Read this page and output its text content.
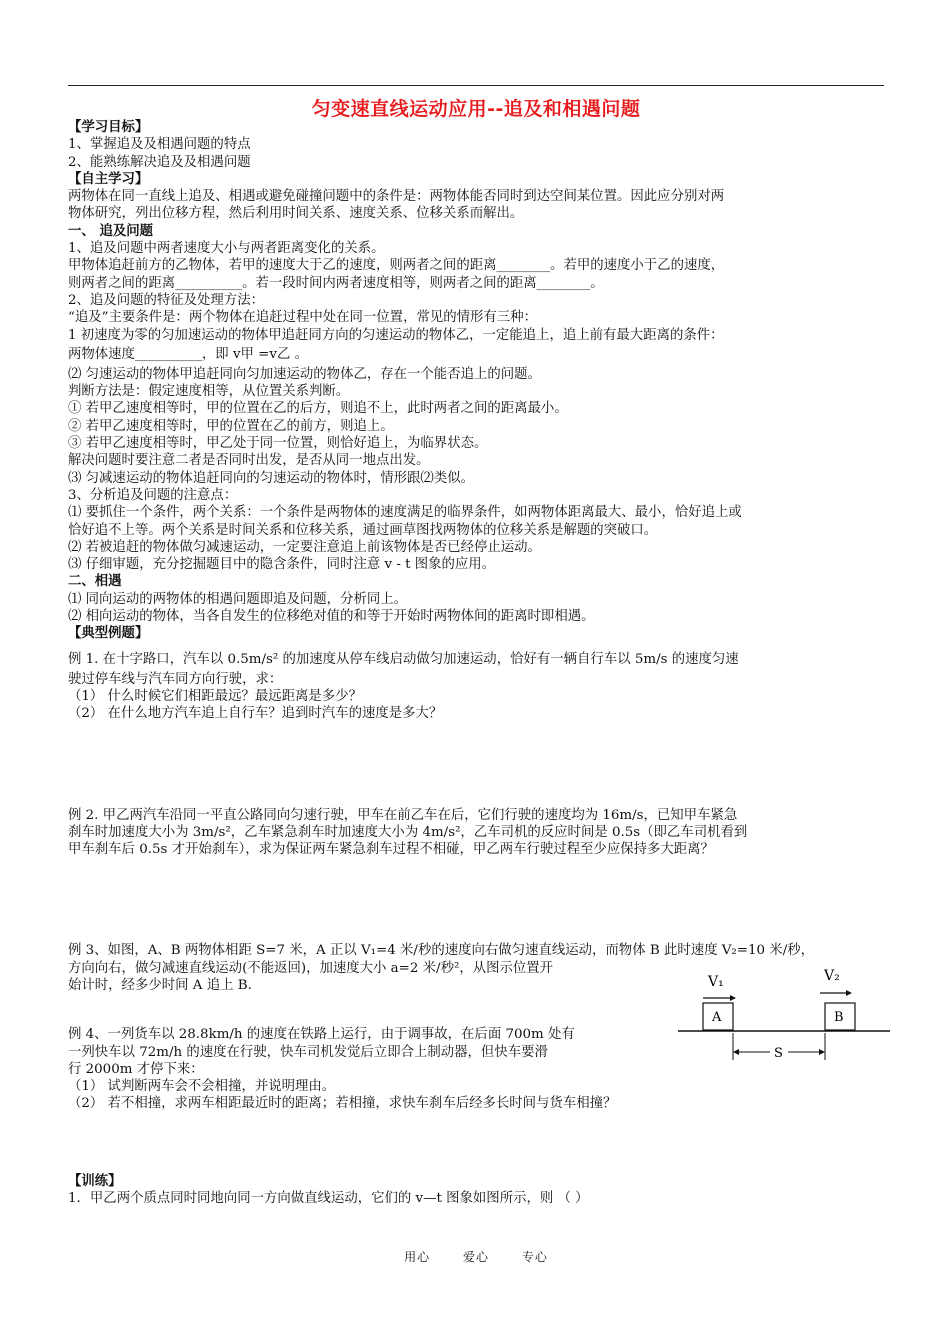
匀变速直线运动应用--追及和相遇问题
【学习目标】
1、掌握追及及相遇问题的特点
2、能熟练解决追及及相遇问题
【自主学习】
两物体在同一直线上追及、相遇或避免碰撞问题中的条件是：两物体能否同时到达空间某位置。因此应分别对两
物体研究，列出位移方程，然后利用时间关系、速度关系、位移关系而解出。
一、 追及问题
1、追及问题中两者速度大小与两者距离变化的关系。
甲物体追赶前方的乙物体，若甲的速度大于乙的速度，则两者之间的距离________。若甲的速度小于乙的速度，
则两者之间的距离__________。若一段时间内两者速度相等，则两者之间的距离________。
2、追及问题的特征及处理方法：
“追及”主要条件是：两个物体在追赶过程中处在同一位置，常见的情形有三种：
1 初速度为零的匀加速运动的物体甲追赶同方向的匀速运动的物体乙，一定能追上，追上前有最大距离的条件：
两物体速度__________，即 v甲 =v乙 。
⑵ 匀速运动的物体甲追赶同向匀加速运动的物体乙，存在一个能否追上的问题。
判断方法是：假定速度相等，从位置关系判断。
① 若甲乙速度相等时，甲的位置在乙的后方，则追不上，此时两者之间的距离最小。
② 若甲乙速度相等时，甲的位置在乙的前方，则追上。
③ 若甲乙速度相等时，甲乙处于同一位置，则恰好追上，为临界状态。
解决问题时要注意二者是否同时出发，是否从同一地点出发。
⑶ 匀减速运动的物体追赶同向的匀速运动的物体时，情形跟⑵类似。
3、分析追及问题的注意点：
⑴ 要抓住一个条件，两个关系：一个条件是两物体的速度满足的临界条件，如两物体距离最大、最小，恰好追上或
恰好追不上等。两个关系是时间关系和位移关系，通过画草图找两物体的位移关系是解题的突破口。
⑵ 若被追赶的物体做匀减速运动，一定要注意追上前该物体是否已经停止运动。
⑶ 仔细审题，充分挖掘题目中的隐含条件，同时注意 v - t 图象的应用。
二、相遇
⑴ 同向运动的两物体的相遇问题即追及问题，分析同上。
⑵ 相向运动的物体，当各自发生的位移绝对值的和等于开始时两物体间的距离时即相遇。
【典型例题】
例 1. 在十字路口，汽车以 0.5m/s² 的加速度从停车线启动做匀加速运动，恰好有一辆自行车以 5m/s 的速度匀速
驶过停车线与汽车同方向行驶，求：
（1） 什么时候它们相距最远？最远距离是多少？
（2） 在什么地方汽车追上自行车？追到时汽车的速度是多大？
例 2. 甲乙两汽车沿同一平直公路同向匀速行驶，甲车在前乙车在后，它们行驶的速度均为 16m/s，已知甲车紧急
刹车时加速度大小为 3m/s²，乙车紧急刹车时加速度大小为 4m/s²，乙车司机的反应时间是 0.5s（即乙车司机看到
甲车刹车后 0.5s 才开始刹车），求为保证两车紧急刹车过程不相碰，甲乙两车行驶过程至少应保持多大距离？
例 3、如图，A、B 两物体相距 S=7 米，A 正以 V₁=4 米/秒的速度向右做匀速直线运动，而物体 B 此时速度 V₂=10 米/秒，
方向向右，做匀减速直线运动(不能返回)，加速度大小 a=2 米/秒²，从图示位置开
始计时，经多少时间 A 追上 B.
例 4、一列货车以 28.8km/h 的速度在铁路上运行，由于调事故，在后面 700m 处有
一列快车以 72m/h 的速度在行驶，快车司机发觉后立即合上制动器，但快车要滑
行 2000m 才停下来：
（1） 试判断两车会不会相撞，并说明理由。
（2） 若不相撞，求两车相距最近时的距离；若相撞，求快车刹车后经多长时间与货车相撞？
【训练】
1．甲乙两个质点同时同地向同一方向做直线运动，它们的 v—t 图象如图所示，则 （ ）
V₁	V₂
A	B
S
用心	爱心	专心
